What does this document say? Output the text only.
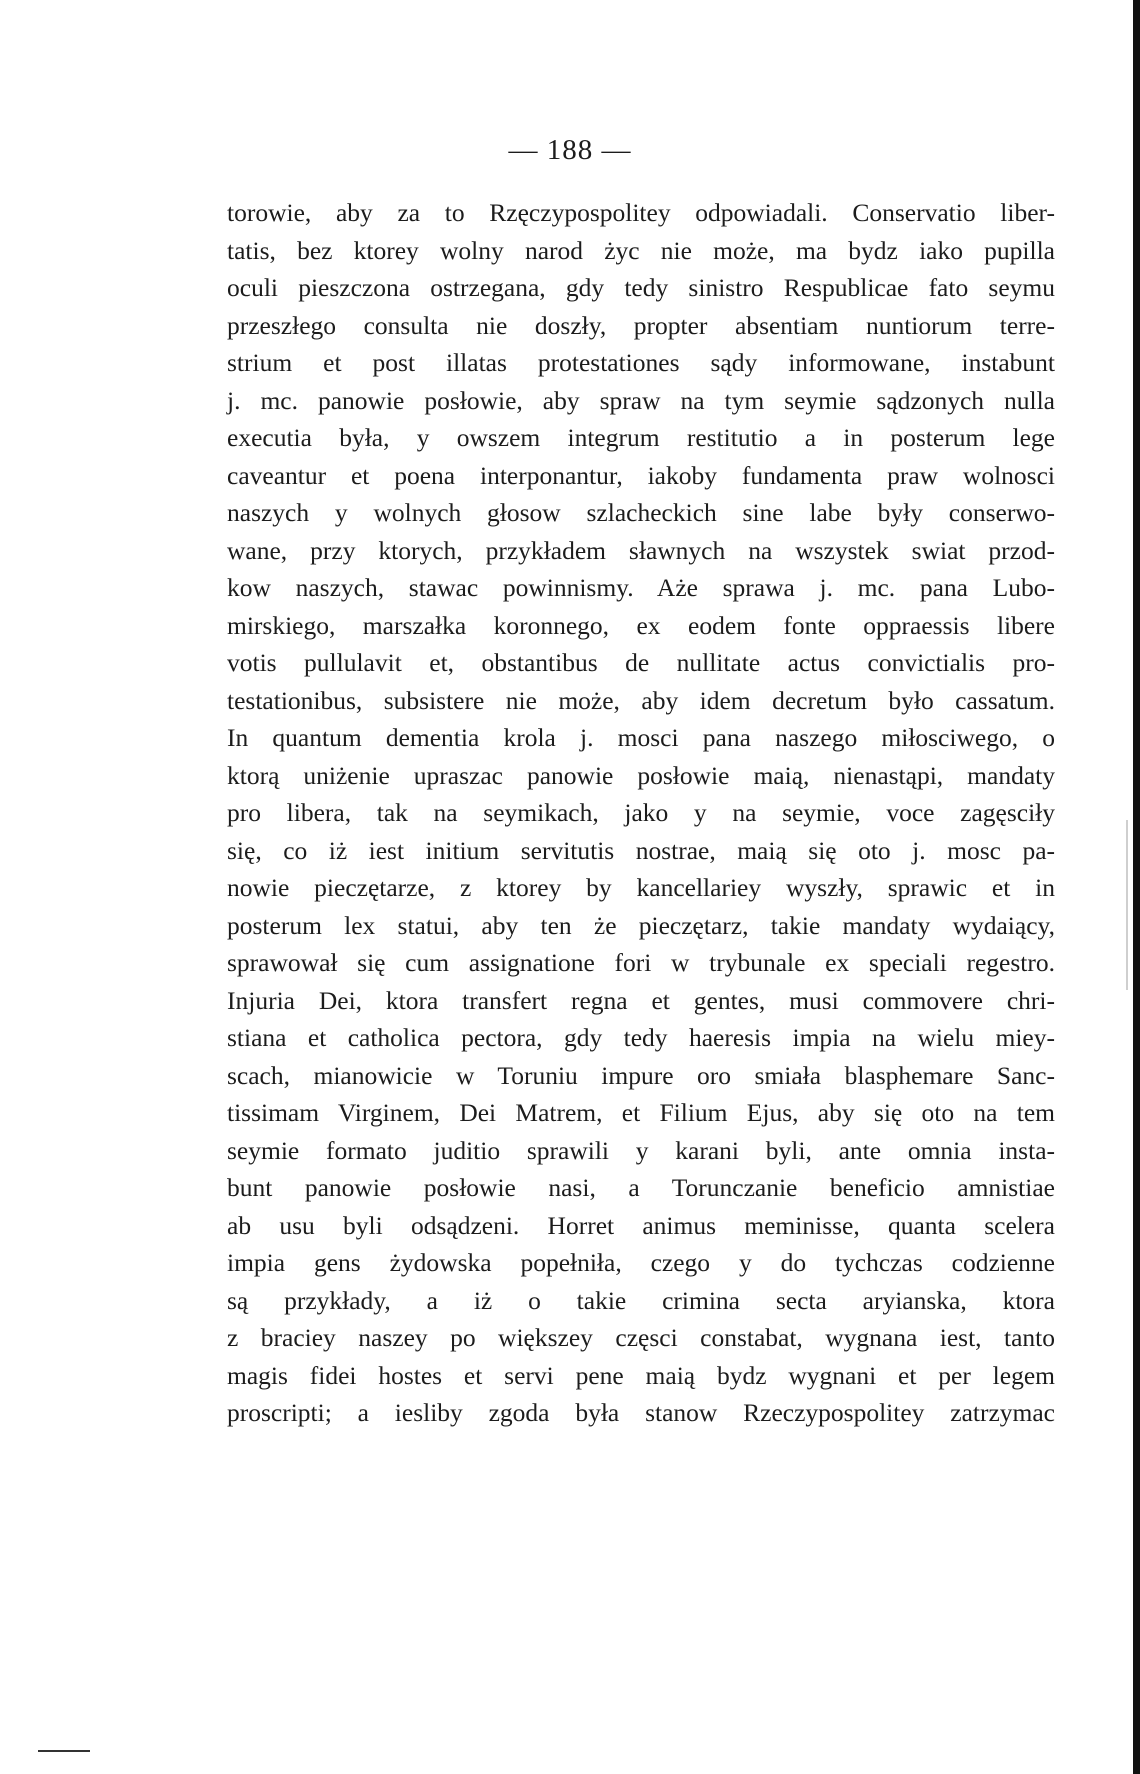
— 188 —

torowie, aby za to Rzęczypospolitey odpowiadali. Conservatio liber-
tatis, bez ktorey wolny narod życ nie może, ma bydz iako pupilla
oculi pieszczona ostrzegana, gdy tedy sinistro Respublicae fato seymu
przeszłego consulta nie doszły, propter absentiam nuntiorum terre-
strium et post illatas protestationes sądy informowane, instabunt
j. mc. panowie posłowie, aby spraw na tym seymie sądzonych nulla
executia była, y owszem integrum restitutio a in posterum lege
caveantur et poena interponantur, iakoby fundamenta praw wolnosci
naszych y wolnych głosow szlacheckich sine labe były conserwo-
wane, przy ktorych, przykładem sławnych na wszystek swiat przod-
kow naszych, stawac powinnismy. Aże sprawa j. mc. pana Lubo-
mirskiego, marszałka koronnego, ex eodem fonte oppraessis libere
votis pullulavit et, obstantibus de nullitate actus convictialis pro-
testationibus, subsistere nie może, aby idem decretum było cassatum.
In quantum dementia krola j. mosci pana naszego miłosciwego, o
ktorą uniżenie upraszac panowie posłowie maią, nienastąpi, mandaty
pro libera, tak na seymikach, jako y na seymie, voce zagęsciły
się, co iż iest initium servitutis nostrae, maią się oto j. mosc pa-
nowie pieczętarze, z ktorey by kancellariey wyszły, sprawic et in
posterum lex statui, aby ten że pieczętarz, takie mandaty wydaiący,
sprawował się cum assignatione fori w trybunale ex speciali regestro.
Injuria Dei, ktora transfert regna et gentes, musi commovere chri-
stiana et catholica pectora, gdy tedy haeresis impia na wielu miey-
scach, mianowicie w Toruniu impure oro smiała blasphemare Sanc-
tissimam Virginem, Dei Matrem, et Filium Ejus, aby się oto na tem
seymie formato juditio sprawili y karani byli, ante omnia insta-
bunt panowie posłowie nasi, a Torunczanie beneficio amnistiae
ab usu byli odsądzeni. Horret animus meminisse, quanta scelera
impia gens żydowska popełniła, czego y do tychczas codzienne
są przykłady, a iż o takie crimina secta aryianska, ktora
z braciey naszey po większey częsci constabat, wygnana iest, tanto
magis fidei hostes et servi pene maią bydz wygnani et per legem
proscripti; a iesliby zgoda była stanow Rzeczypospolitey zatrzymac
